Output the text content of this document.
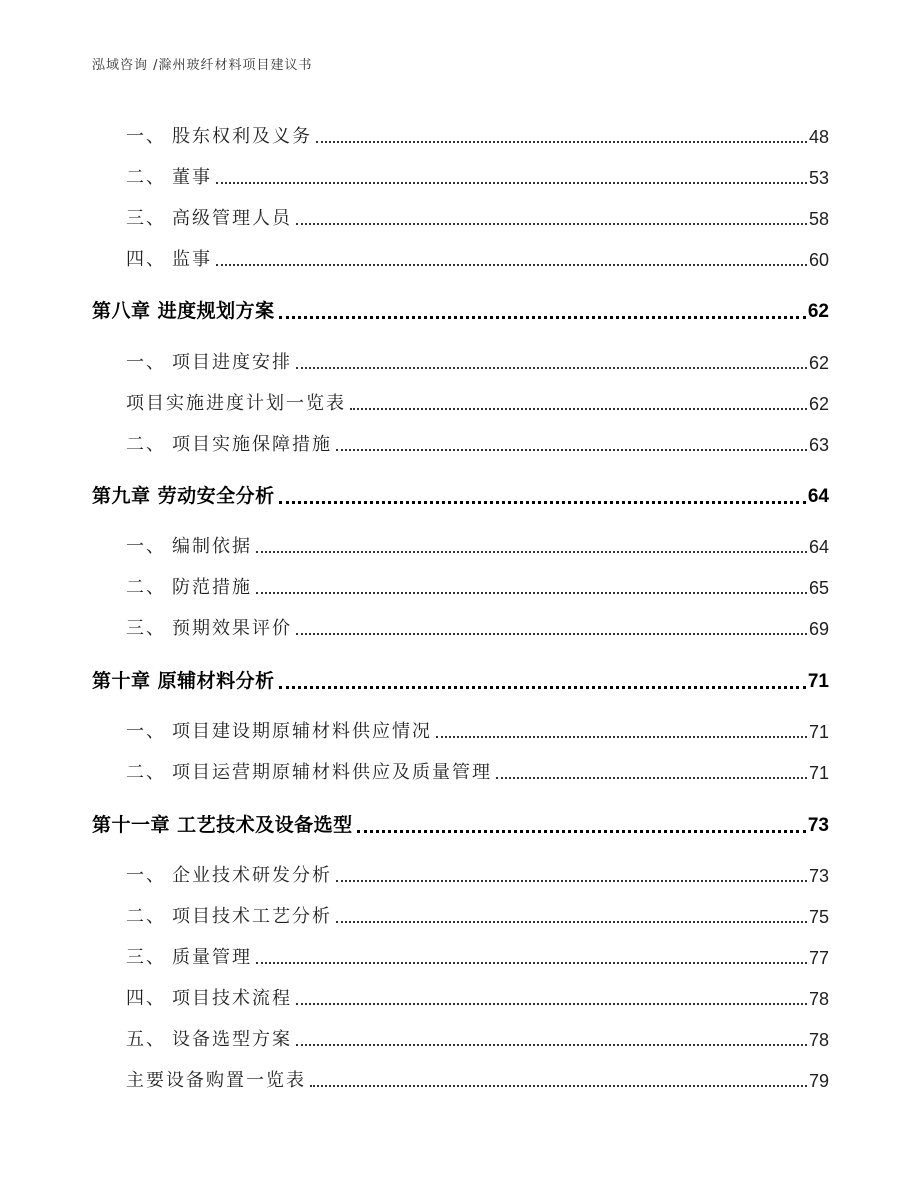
泓域咨询 /滁州玻纤材料项目建议书
一、 股东权利及义务	48
二、 董事	53
三、 高级管理人员	58
四、 监事	60
第八章 进度规划方案	62
一、 项目进度安排	62
项目实施进度计划一览表	62
二、 项目实施保障措施	63
第九章 劳动安全分析	64
一、 编制依据	64
二、 防范措施	65
三、 预期效果评价	69
第十章 原辅材料分析	71
一、 项目建设期原辅材料供应情况	71
二、 项目运营期原辅材料供应及质量管理	71
第十一章 工艺技术及设备选型	73
一、 企业技术研发分析	73
二、 项目技术工艺分析	75
三、 质量管理	77
四、 项目技术流程	78
五、 设备选型方案	78
主要设备购置一览表	79
